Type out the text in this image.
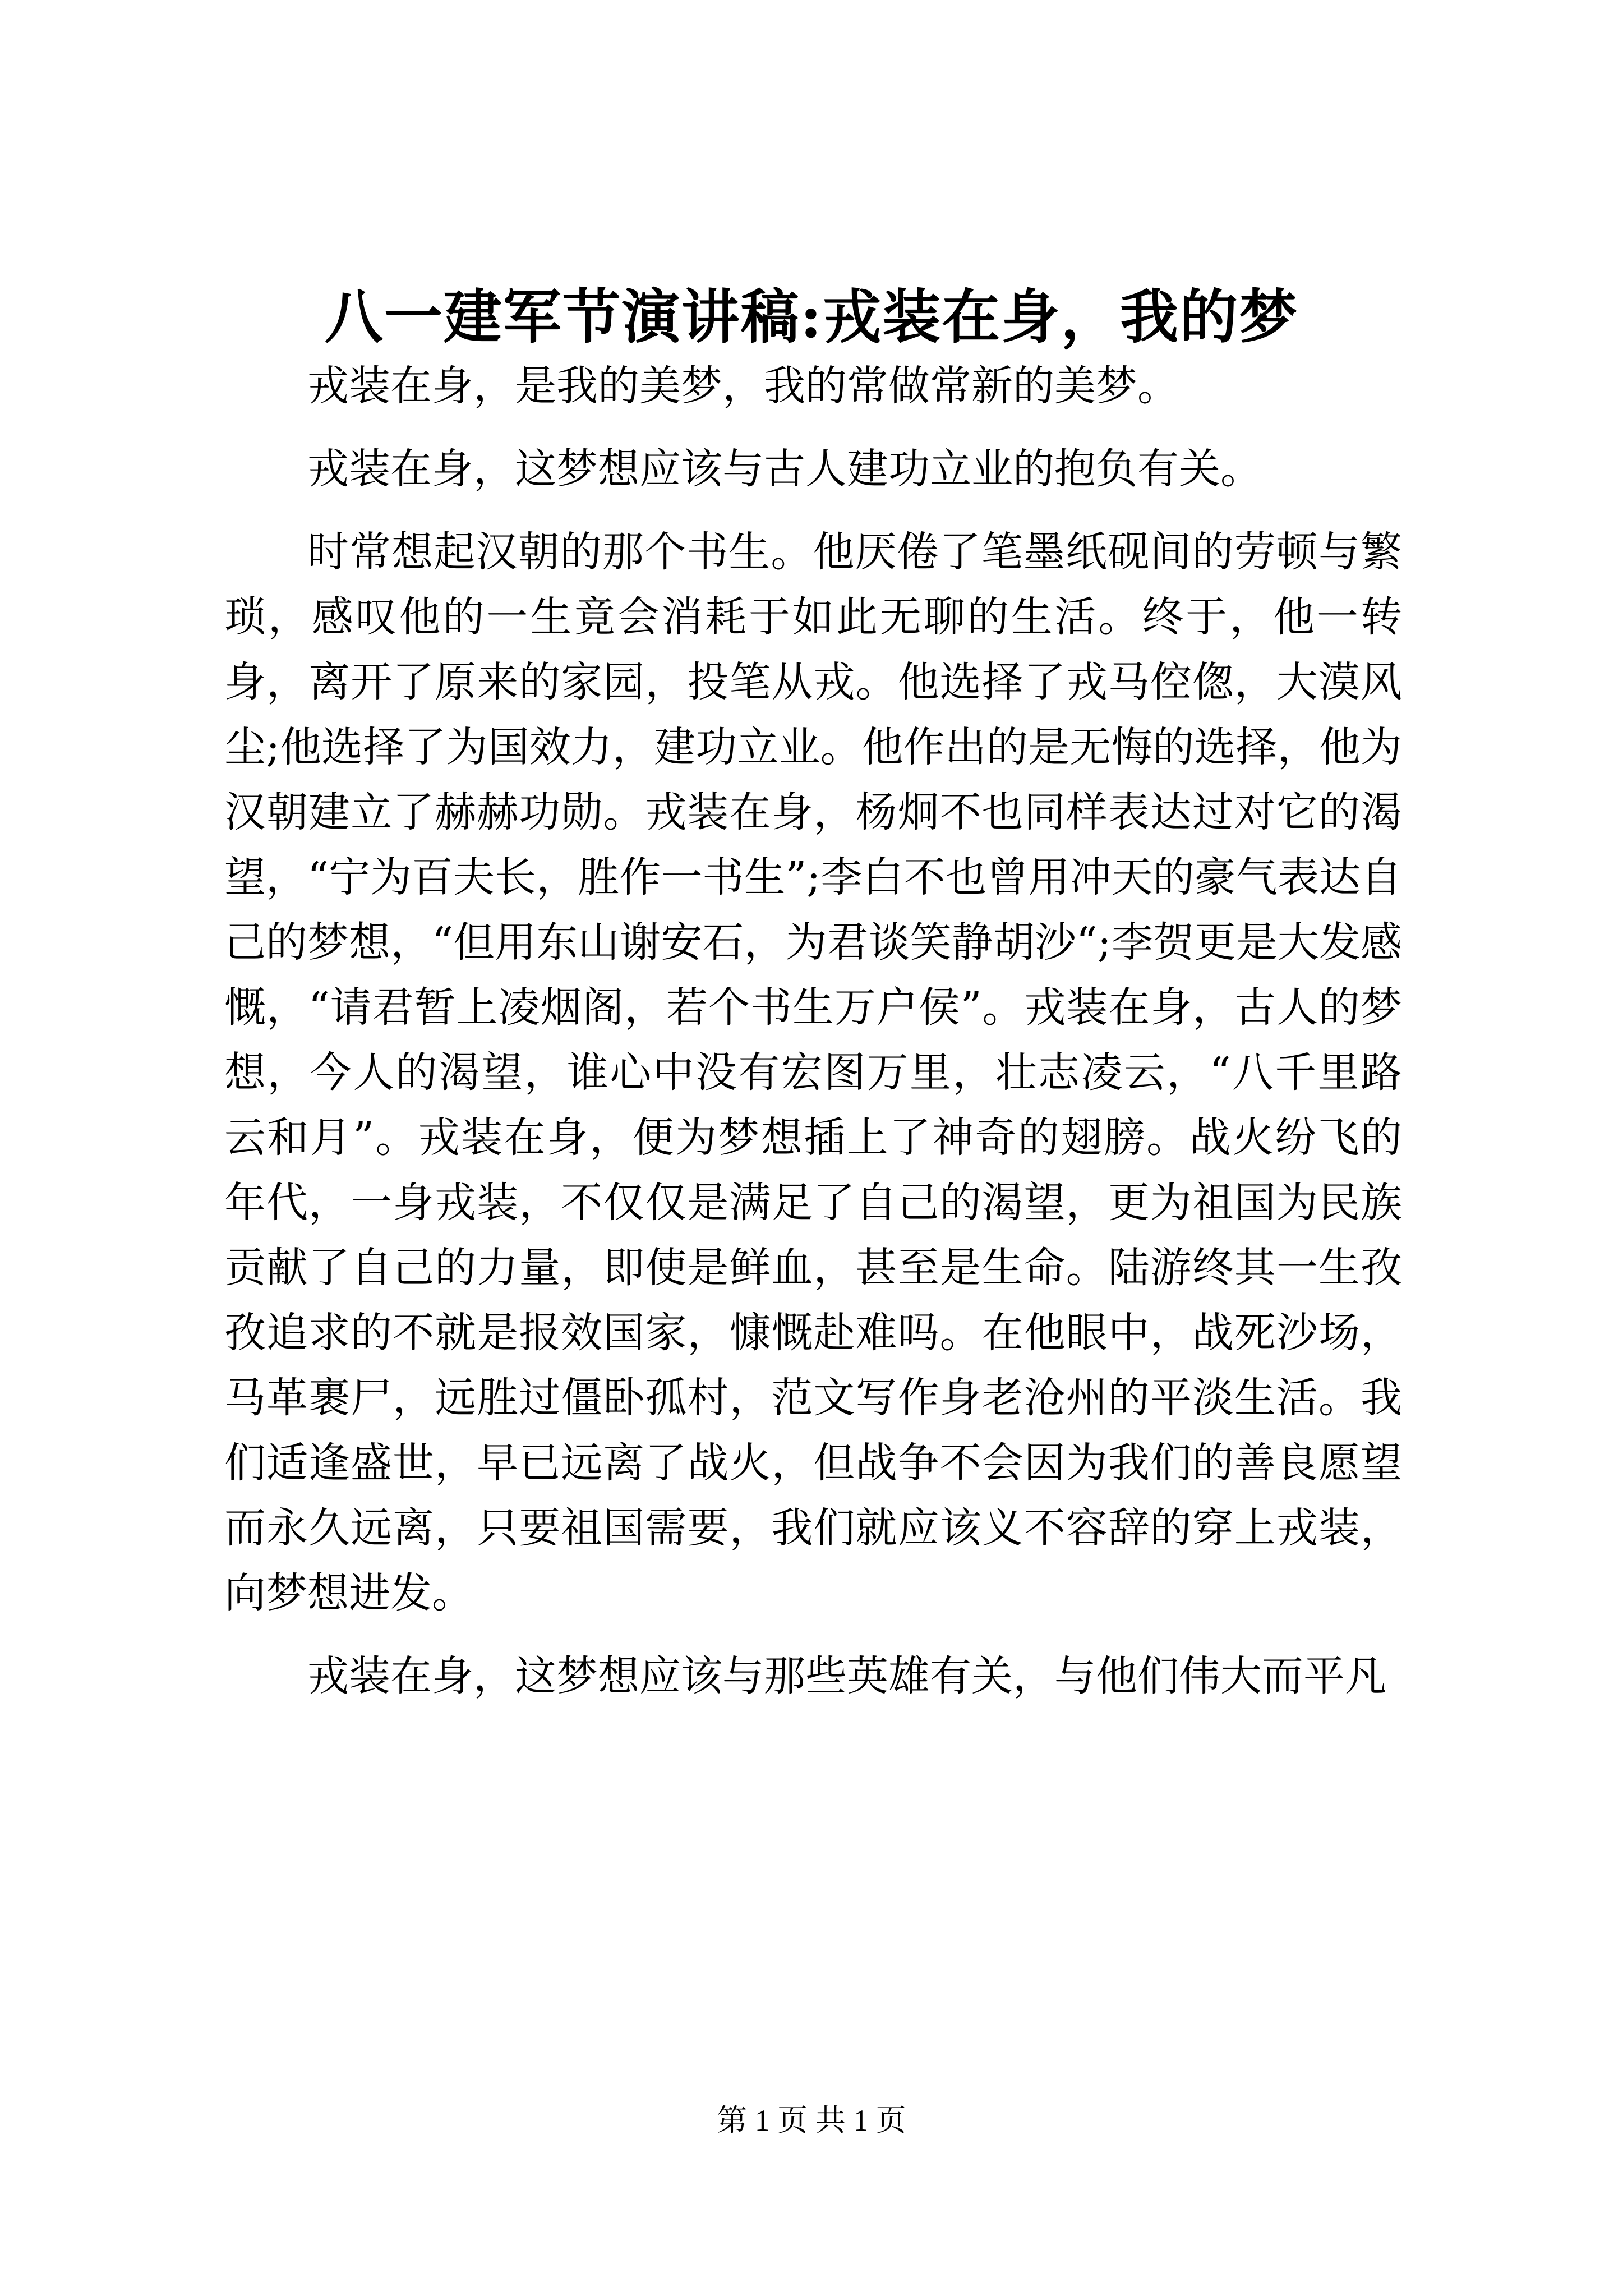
八一建军节演讲稿:戎装在身，我的梦

戎装在身，是我的美梦，我的常做常新的美梦。

戎装在身，这梦想应该与古人建功立业的抱负有关。

时常想起汉朝的那个书生。他厌倦了笔墨纸砚间的劳顿与繁琐，感叹他的一生竟会消耗于如此无聊的生活。终于，他一转身，离开了原来的家园，投笔从戎。他选择了戎马倥偬，大漠风尘;他选择了为国效力，建功立业。他作出的是无悔的选择，他为汉朝建立了赫赫功勋。戎装在身，杨炯不也同样表达过对它的渴望，“宁为百夫长，胜作一书生”;李白不也曾用冲天的豪气表达自己的梦想，“但用东山谢安石，为君谈笑静胡沙“;李贺更是大发感慨，“请君暂上凌烟阁，若个书生万户侯”。戎装在身，古人的梦想，今人的渴望，谁心中没有宏图万里，壮志凌云，“八千里路云和月”。戎装在身，便为梦想插上了神奇的翅膀。战火纷飞的年代，一身戎装，不仅仅是满足了自己的渴望，更为祖国为民族贡献了自己的力量，即使是鲜血，甚至是生命。陆游终其一生孜孜追求的不就是报效国家，慷慨赴难吗。在他眼中，战死沙场，马革裹尸，远胜过僵卧孤村，范文写作身老沧州的平淡生活。我们适逢盛世，早已远离了战火，但战争不会因为我们的善良愿望而永久远离，只要祖国需要，我们就应该义不容辞的穿上戎装，向梦想进发。

戎装在身，这梦想应该与那些英雄有关，与他们伟大而平凡

第 1 页 共 1 页
